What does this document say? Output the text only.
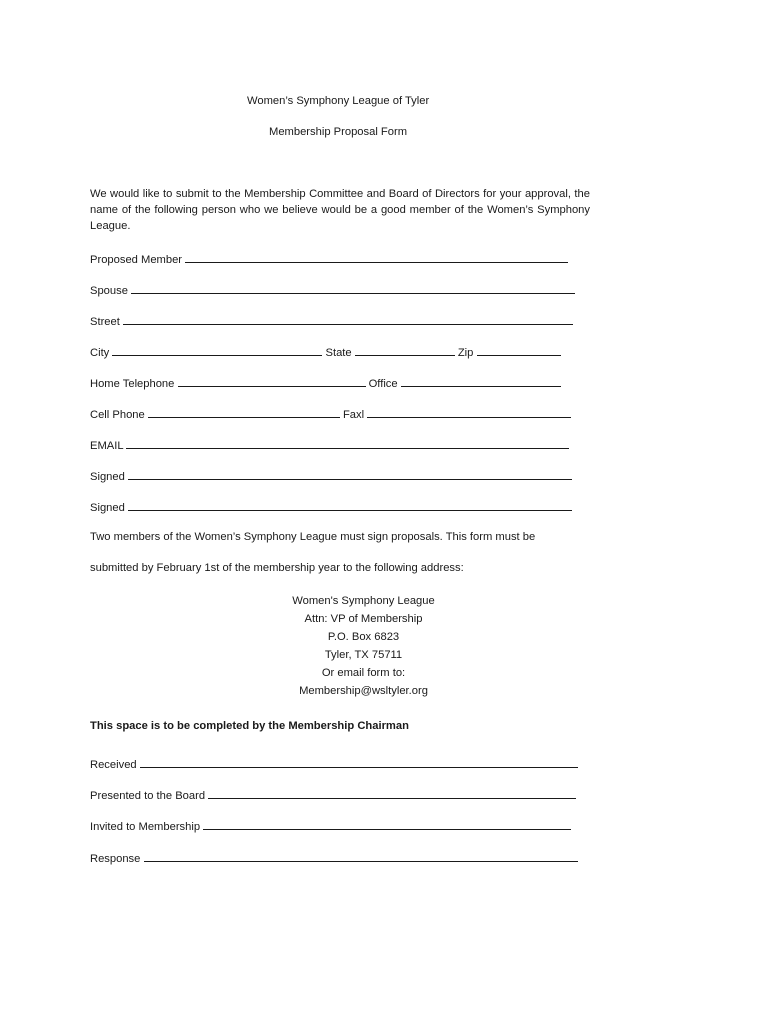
Women’s Symphony League of Tyler
Membership Proposal Form
We would like to submit to the Membership Committee and Board of Directors for your approval, the name of the following person who we believe would be a good member of the Women’s Symphony League.
Proposed Member
Spouse
Street
City	State	Zip
Home Telephone	Office
Cell Phone	Faxl
EMAIL
Signed
Signed
Two members of the Women’s Symphony League must sign proposals. This form must be
submitted by February 1st of the membership year to the following address:
Women's Symphony League
Attn: VP of Membership
P.O. Box 6823
Tyler, TX 75711
Or email form to:
Membership@wsltyler.org
This space is to be completed by the Membership Chairman
Received
Presented to the Board
Invited to Membership
Response
